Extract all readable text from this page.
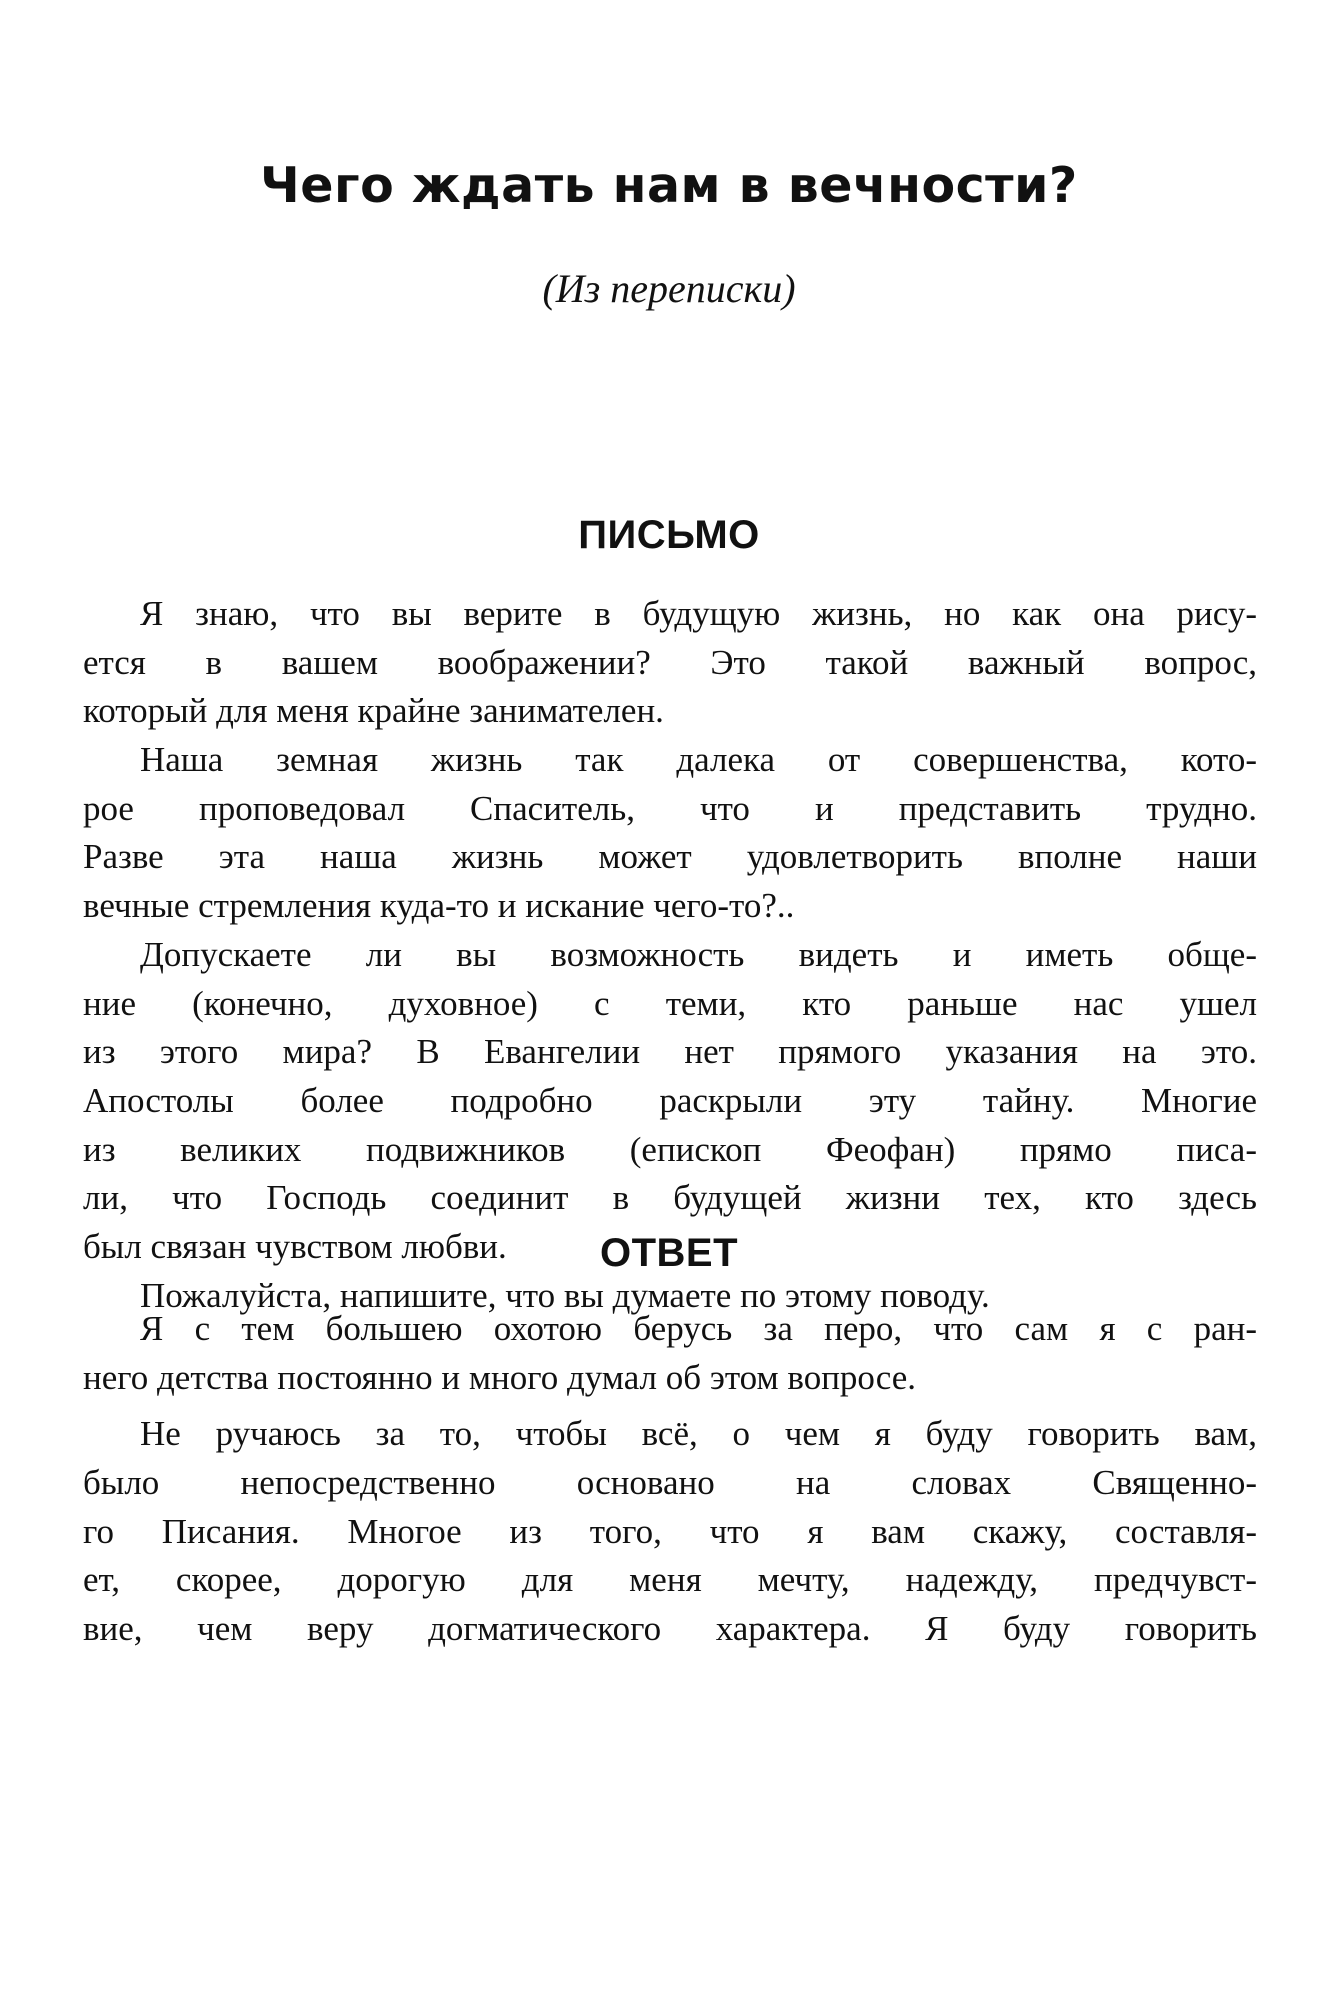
Чего ждать нам в вечности?
(Из переписки)
ПИСЬМО
Я знаю, что вы верите в будущую жизнь, но как она рису-
ется в вашем воображении? Это такой важный вопрос,
который для меня крайне занимателен.
Наша земная жизнь так далека от совершенства, кото-
рое проповедовал Спаситель, что и представить трудно.
Разве эта наша жизнь может удовлетворить вполне наши
вечные стремления куда-то и искание чего-то?..
Допускаете ли вы возможность видеть и иметь обще-
ние (конечно, духовное) с теми, кто раньше нас ушел
из этого мира? В Евангелии нет прямого указания на это.
Апостолы более подробно раскрыли эту тайну. Многие
из великих подвижников (епископ Феофан) прямо писа-
ли, что Господь соединит в будущей жизни тех, кто здесь
был связан чувством любви.
Пожалуйста, напишите, что вы думаете по этому поводу.
ОТВЕТ
Я с тем большею охотою берусь за перо, что сам я с ран-
него детства постоянно и много думал об этом вопросе.
Не ручаюсь за то, чтобы всё, о чем я буду говорить вам,
было непосредственно основано на словах Священно-
го Писания. Многое из того, что я вам скажу, составля-
ет, скорее, дорогую для меня мечту, надежду, предчувст-
вие, чем веру догматического характера. Я буду говорить
